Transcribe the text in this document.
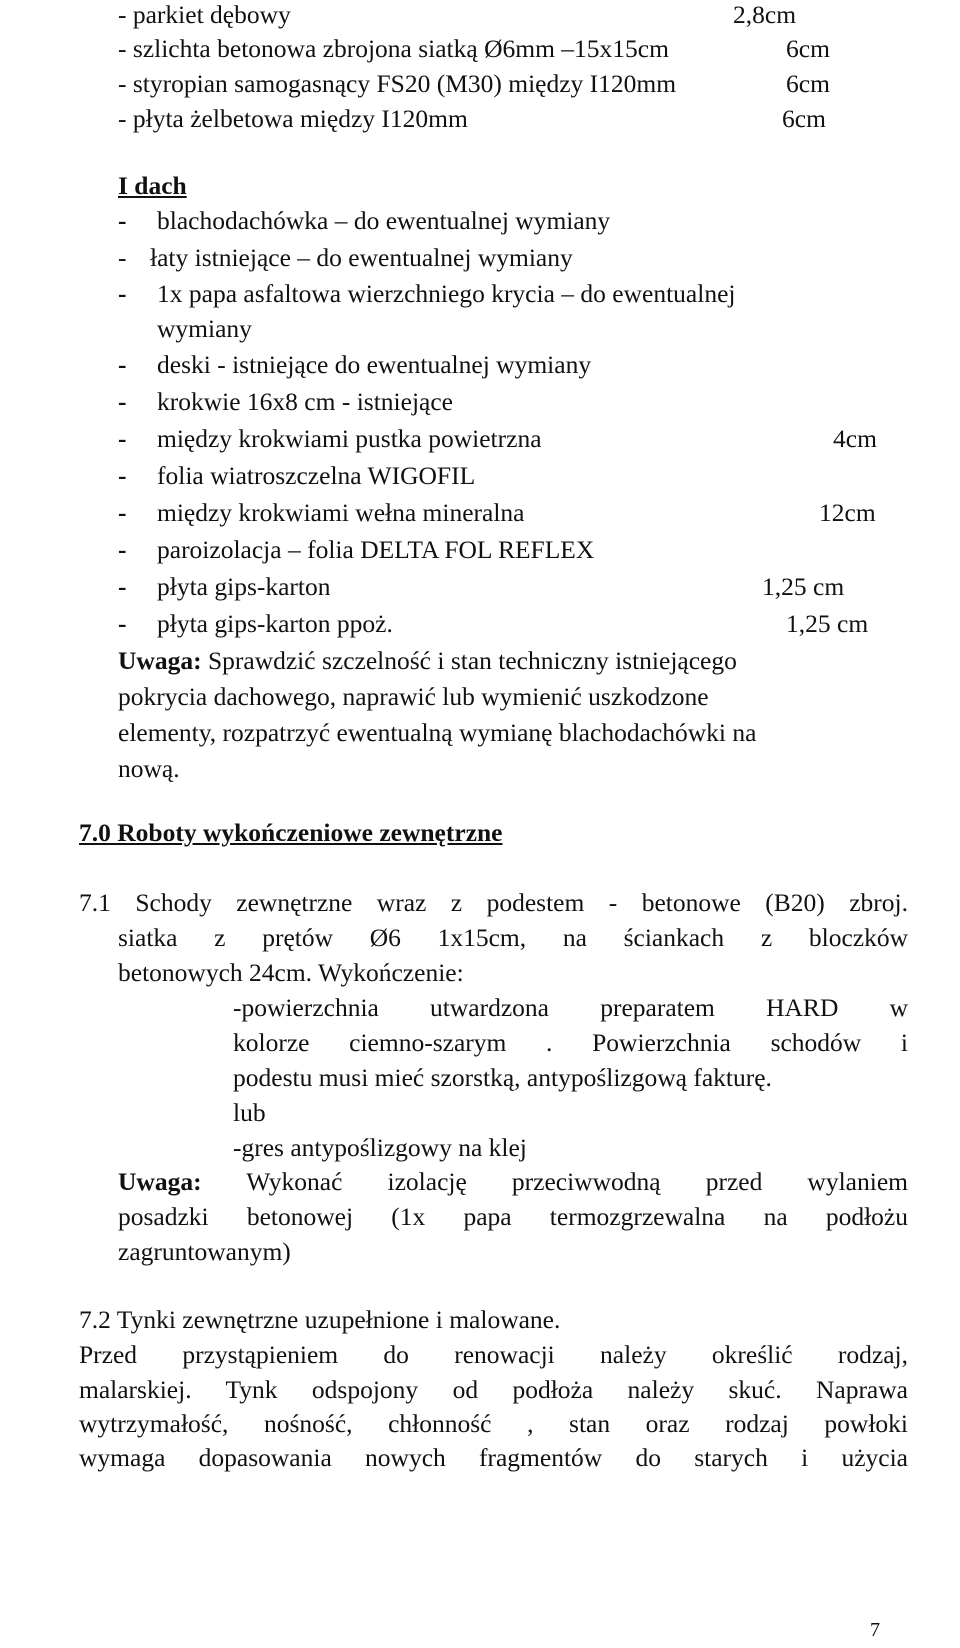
- parkiet dębowy	2,8cm
- szlichta betonowa zbrojona siatką Ø6mm –15x15cm	6cm
- styropian samogasnący FS20 (M30) między I120mm	6cm
- płyta żelbetowa między I120mm	6cm
I dach
- blachodachówka – do ewentualnej wymiany
- łaty istniejące – do ewentualnej wymiany
- 1x papa asfaltowa wierzchniego krycia – do ewentualnej
wymiany
- deski - istniejące do ewentualnej wymiany
- krokwie 16x8 cm - istniejące
- między krokwiami pustka powietrzna	4cm
- folia wiatroszczelna WIGOFIL
- między krokwiami wełna mineralna	12cm
- paroizolacja – folia DELTA FOL REFLEX
- płyta gips-karton	1,25 cm
- płyta gips-karton ppoż.	1,25 cm
Uwaga: Sprawdzić szczelność i stan techniczny istniejącego
pokrycia dachowego, naprawić lub wymienić uszkodzone
elementy, rozpatrzyć ewentualną wymianę blachodachówki na
nową.
7.0 Roboty wykończeniowe zewnętrzne
7.1 Schody zewnętrzne wraz z podestem - betonowe (B20) zbroj.
siatka z prętów Ø6 1x15cm, na ściankach z bloczków
betonowych 24cm. Wykończenie:
-powierzchnia utwardzona preparatem HARD w
kolorze ciemno-szarym . Powierzchnia schodów i
podestu musi mieć szorstką, antypoślizgową fakturę.
lub
-gres antypoślizgowy na klej
Uwaga: Wykonać izolację przeciwwodną przed wylaniem
posadzki betonowej (1x papa termozgrzewalna na podłożu
zagruntowanym)
7.2 Tynki zewnętrzne uzupełnione i malowane.
Przed przystąpieniem do renowacji należy określić rodzaj,
malarskiej. Tynk odspojony od podłoża należy skuć. Naprawa
wytrzymałość, nośność, chłonność , stan oraz rodzaj powłoki
wymaga dopasowania nowych fragmentów do starych i użycia
7
